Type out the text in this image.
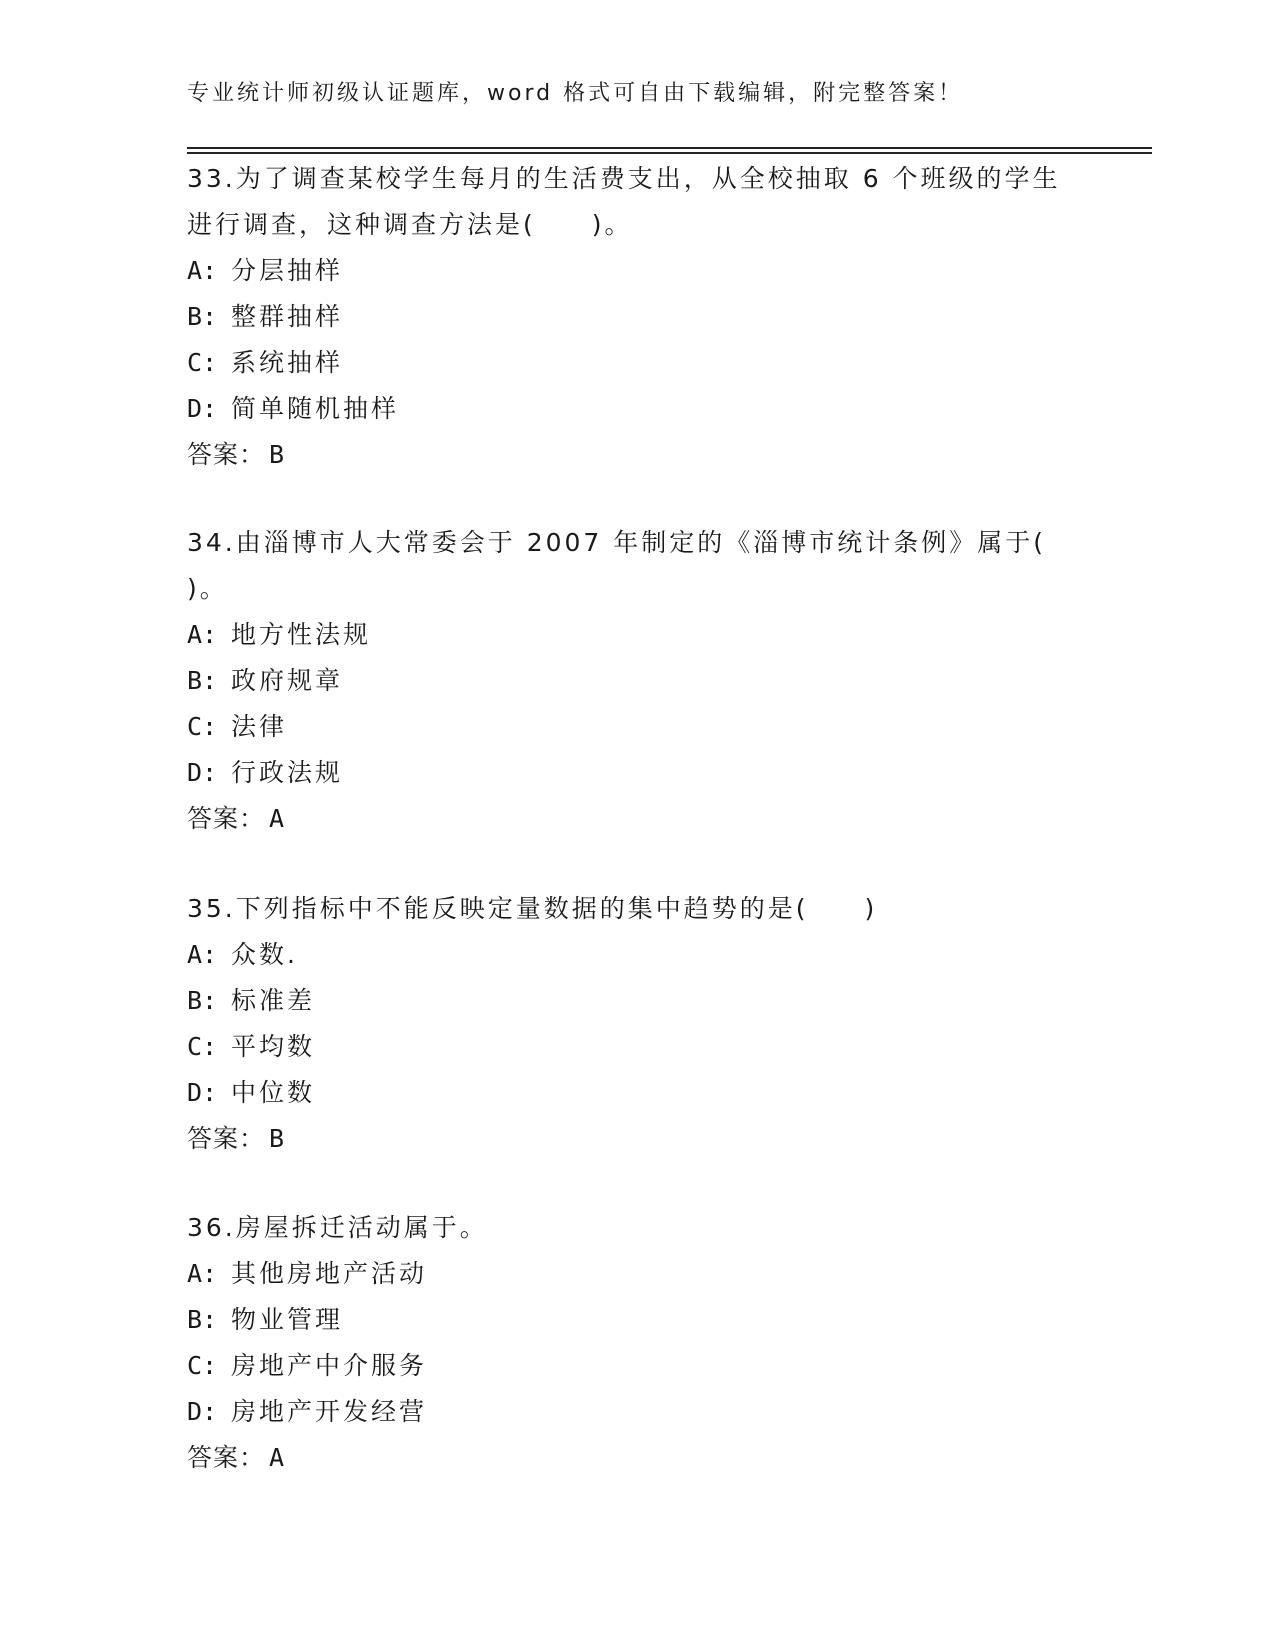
专业统计师初级认证题库，word 格式可自由下载编辑，附完整答案！
33.为了调查某校学生每月的生活费支出，从全校抽取 6 个班级的学生
进行调查，这种调查方法是(　　)。
A: 分层抽样
B: 整群抽样
C: 系统抽样
D: 简单随机抽样
答案： B
34.由淄博市人大常委会于 2007 年制定的《淄博市统计条例》属于(
)。
A: 地方性法规
B: 政府规章
C: 法律
D: 行政法规
答案： A
35.下列指标中不能反映定量数据的集中趋势的是(　　)
A: 众数.
B: 标准差
C: 平均数
D: 中位数
答案： B
36.房屋拆迁活动属于。
A: 其他房地产活动
B: 物业管理
C: 房地产中介服务
D: 房地产开发经营
答案： A
